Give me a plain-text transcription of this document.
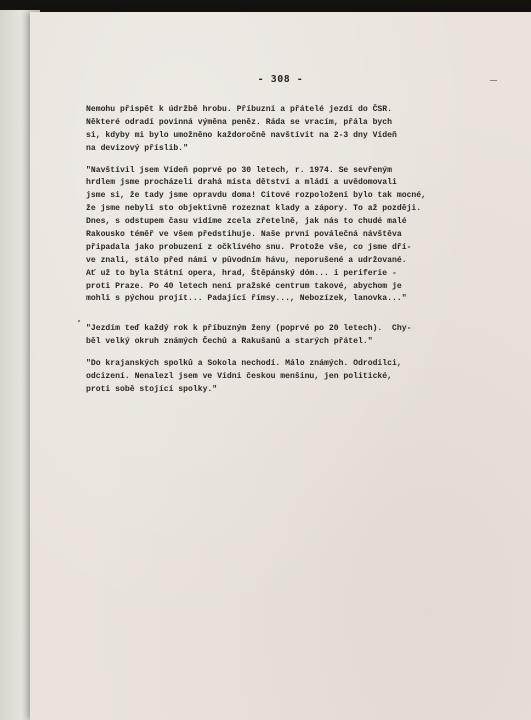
- 308 -
Nemohu přispět k údržbě hrobu. Příbuzní a přátelé jezdí do ČSR.
Některé odradí povinná výměna peněz. Ráda se vracím, přála bych
si, kdyby mi bylo umožněno každoročně navštívit na 2-3 dny Vídeň
na devizový příslib."
"Navštívil jsem Vídeň poprvé po 30 letech, r. 1974. Se sevřeným
hrdlem jsme procházeli drahá místa dětství a mládí a uvědomovali
jsme si, že tady jsme opravdu doma! Citové rozpoložení bylo tak mocné,
že jsme nebyli sto objektivně rozeznat klady a zápory. To až později.
Dnes, s odstupem času vidíme zcela zřetelně, jak nás to chudé malé
Rakousko téměř ve všem předstihuje. Naše první poválečná návštěva
připadala jako probuzení z očklivého snu. Protože vše, co jsme dří-
ve znali, stálo před námi v původním hávu, neporušené a udržované.
Ať už to byla Státní opera, hrad, Štěpánský dóm... i periferie -
proti Praze. Po 40 letech není pražské centrum takové, abychom je
mohli s pýchou projít... Padající římsy..., Nebozízek, lanovka..."
"Jezdím teď každý rok k příbuzným ženy (poprvé po 20 letech).  Chy-
běl velký okruh známých Čechů a Rakušanů a starých přátel."
"Do krajanských spolků a Sokola nechodí. Málo známých. Odrodilci,
odcizení. Nenalezl jsem ve Vídni českou menšinu, jen politické,
proti sobě stojící spolky."
